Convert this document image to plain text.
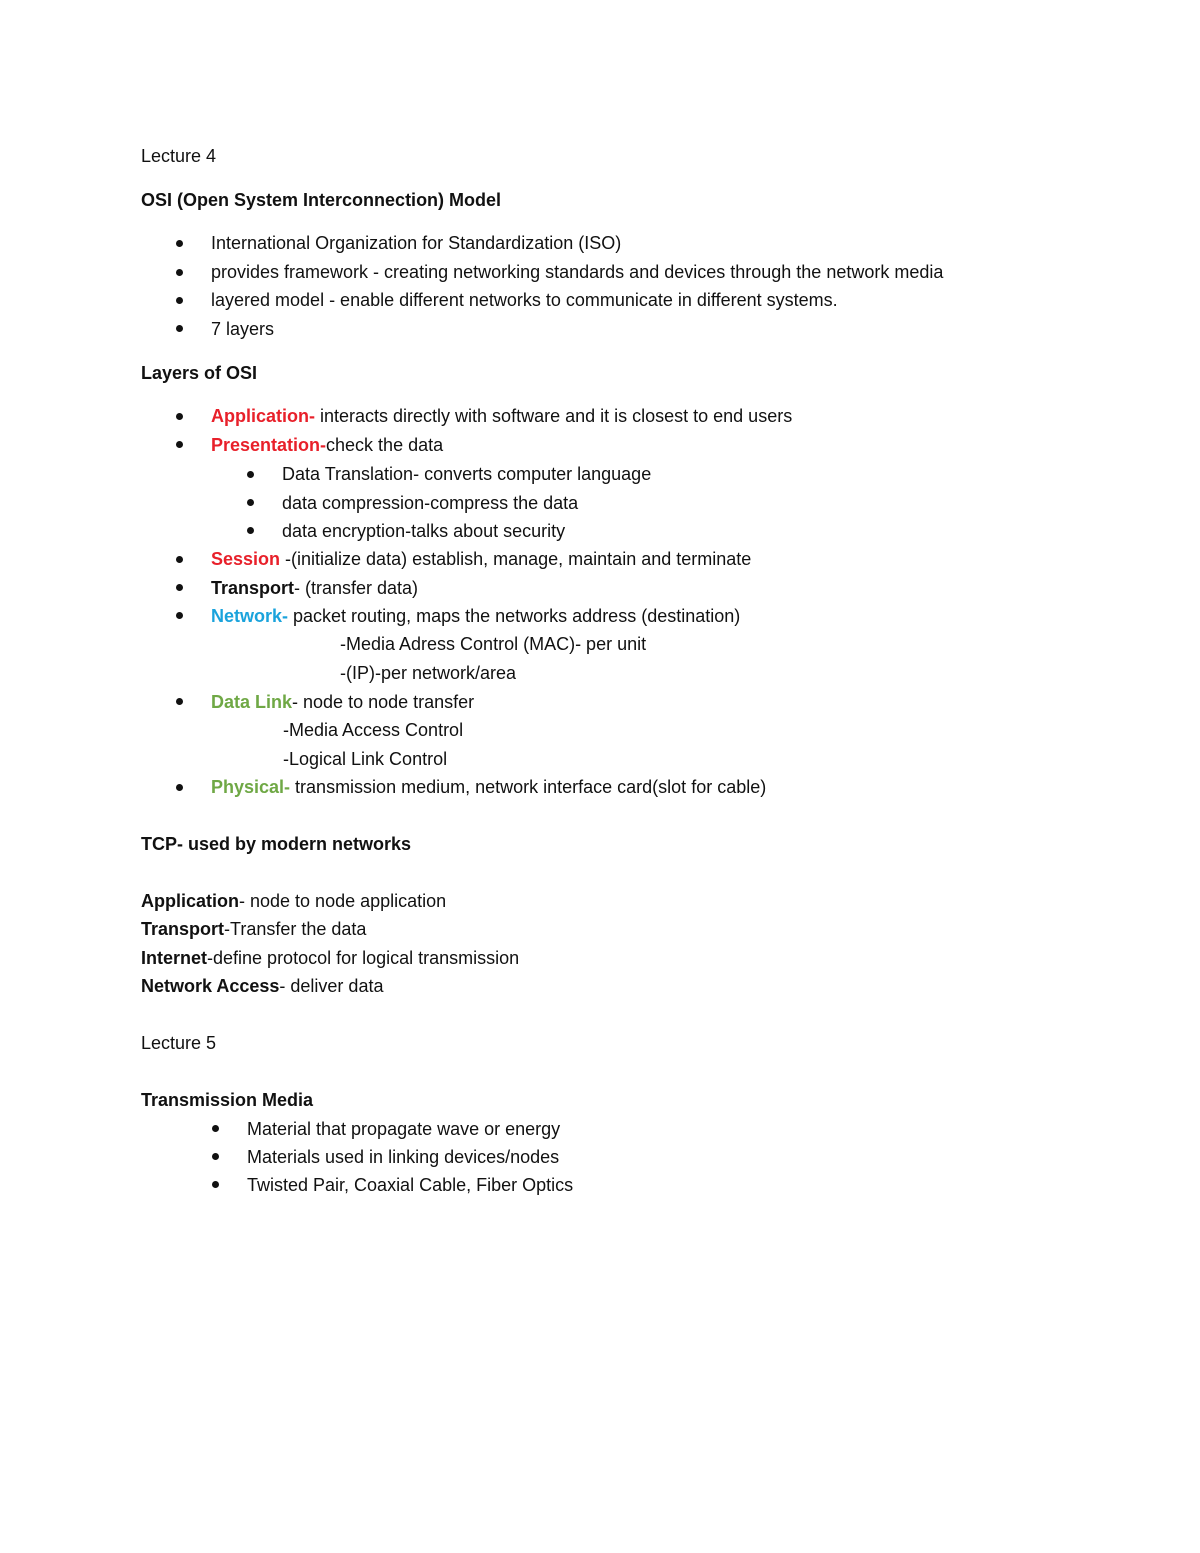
Lecture 4
OSI (Open System Interconnection) Model
International Organization for Standardization (ISO)
provides framework - creating networking standards and devices through the network media
layered model - enable different networks to communicate in different systems.
7 layers
Layers of OSI
Application- interacts directly with software and it is closest to end users
Presentation-check the data
Data Translation- converts computer language
data compression-compress the data
data encryption-talks about security
Session -(initialize data) establish, manage, maintain and terminate
Transport- (transfer data)
Network- packet routing, maps the networks address (destination)
-Media Adress Control (MAC)- per unit
-(IP)-per network/area
Data Link- node to node transfer
-Media Access Control
-Logical Link Control
Physical- transmission medium, network interface card(slot for cable)
TCP- used by modern networks
Application- node to node application
Transport-Transfer the data
Internet-define protocol for logical transmission
Network Access- deliver data
Lecture 5
Transmission Media
Material that propagate wave or energy
Materials used in linking devices/nodes
Twisted Pair, Coaxial Cable, Fiber Optics
